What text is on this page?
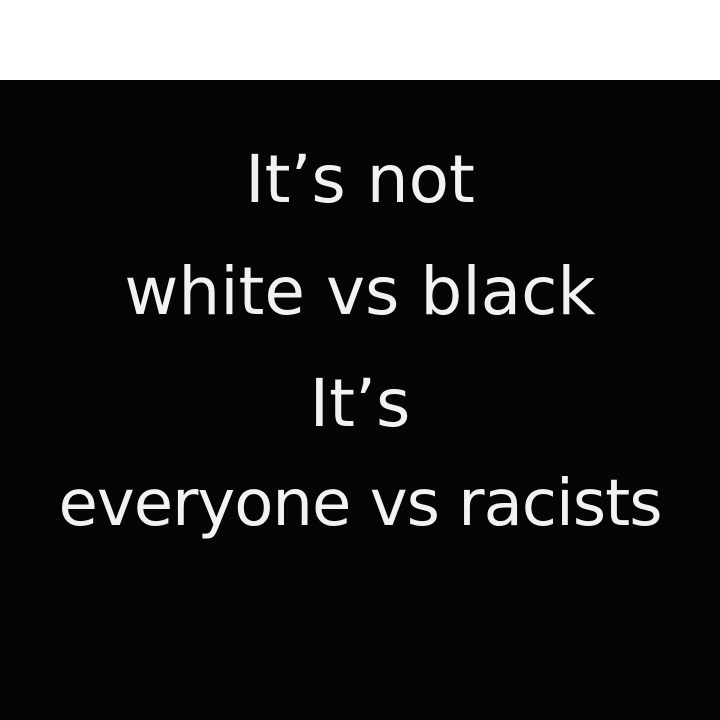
It’s not
white vs black
It’s
everyone vs racists
